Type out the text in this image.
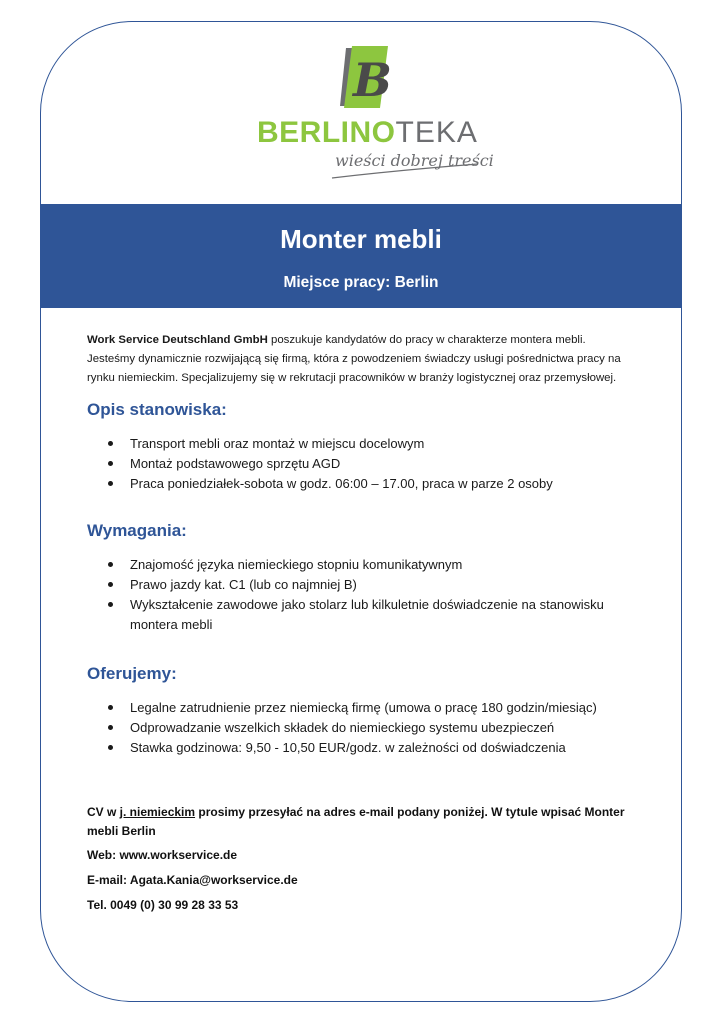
B
BERLINOTEKA
wieści dobrej treści
Monter mebli
Miejsce pracy: Berlin

Work Service Deutschland GmbH poszukuje kandydatów do pracy w charakterze montera mebli. Jesteśmy dynamicznie rozwijającą się firmą, która z powodzeniem świadczy usługi pośrednictwa pracy na rynku niemieckim. Specjalizujemy się w rekrutacji pracowników w branży logistycznej oraz przemysłowej.

Opis stanowiska:
Transport mebli oraz montaż w miejscu docelowym
Montaż podstawowego sprzętu AGD
Praca poniedziałek-sobota w godz. 06:00 – 17.00, praca w parze 2 osoby
Wymagania:
Znajomość języka niemieckiego stopniu komunikatywnym
Prawo jazdy kat. C1 (lub co najmniej B)
Wykształcenie zawodowe jako stolarz lub kilkuletnie doświadczenie na stanowisku montera mebli
Oferujemy:
Legalne zatrudnienie przez niemiecką firmę (umowa o pracę 180 godzin/miesiąc)
Odprowadzanie wszelkich składek do niemieckiego systemu ubezpieczeń
Stawka godzinowa: 9,50 - 10,50 EUR/godz. w zależności od doświadczenia
CV w j. niemieckim prosimy przesyłać na adres e-mail podany poniżej. W tytule wpisać Monter mebli Berlin
Web: www.workservice.de
E-mail: Agata.Kania@workservice.de
Tel. 0049 (0) 30 99 28 33 53
